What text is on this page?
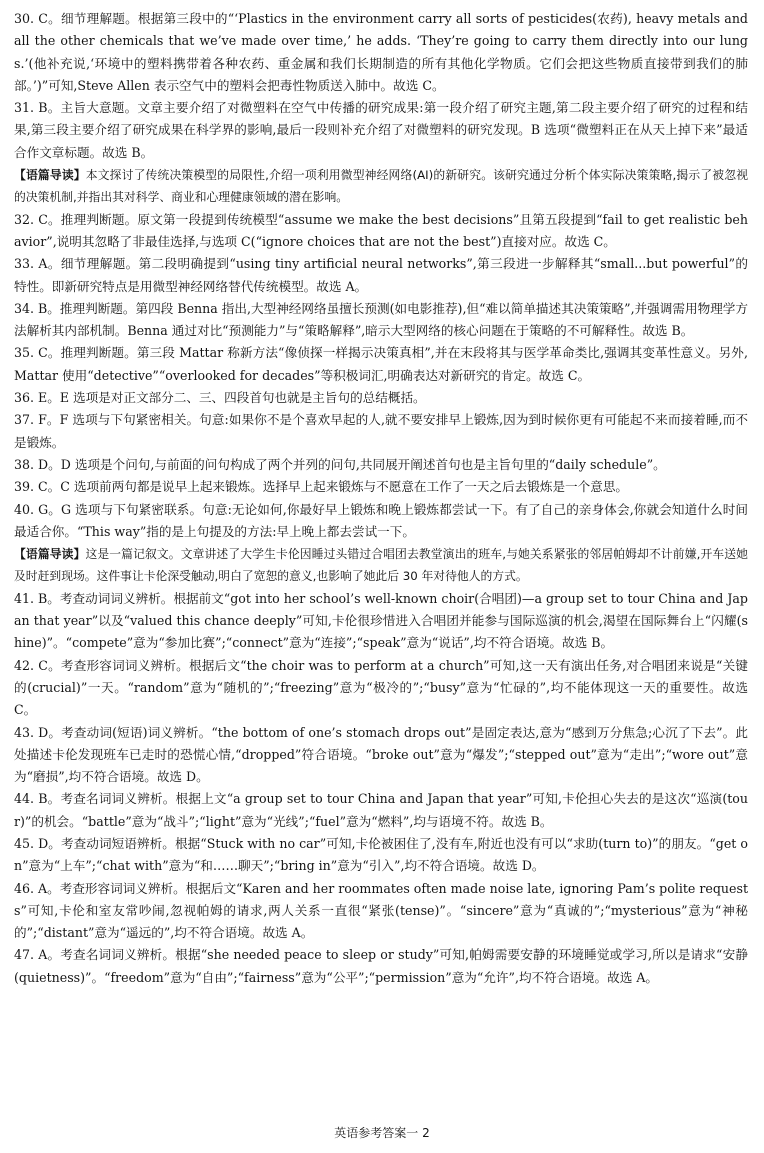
30. C。细节理解题。根据第三段中的“‘Plastics in the environment carry all sorts of pesticides(农药), heavy metals and all the other chemicals that we’ve made over time,’ he adds. ‘They’re going to carry them directly into our lungs.’(他补充说,‘环境中的塑料携带着各种农药、重金属和我们长期制造的所有其他化学物质。它们会把这些物质直接带到我们的肺部。’)”可知,Steve Allen 表示空气中的塑料会把毒性物质送入肺中。故选 C。

31. B。主旨大意题。文章主要介绍了对微塑料在空气中传播的研究成果:第一段介绍了研究主题,第二段主要介绍了研究的过程和结果,第三段主要介绍了研究成果在科学界的影响,最后一段则补充介绍了对微塑料的研究发现。B 选项“微塑料正在从天上掉下来”最适合作文章标题。故选 B。

【语篇导读】本文探讨了传统决策模型的局限性,介绍一项利用微型神经网络(AI)的新研究。该研究通过分析个体实际决策策略,揭示了被忽视的决策机制,并指出其对科学、商业和心理健康领域的潜在影响。

32. C。推理判断题。原文第一段提到传统模型“assume we make the best decisions”且第五段提到“fail to get realistic behavior”,说明其忽略了非最佳选择,与选项 C(“ignore choices that are not the best”)直接对应。故选 C。

33. A。细节理解题。第二段明确提到“using tiny artificial neural networks”,第三段进一步解释其“small...but powerful”的特性。即新研究特点是用微型神经网络替代传统模型。故选 A。

34. B。推理判断题。第四段 Benna 指出,大型神经网络虽擅长预测(如电影推荐),但“难以简单描述其决策策略”,并强调需用物理学方法解析其内部机制。Benna 通过对比“预测能力”与“策略解释”,暗示大型网络的核心问题在于策略的不可解释性。故选 B。

35. C。推理判断题。第三段 Mattar 称新方法“像侦探一样揭示决策真相”,并在末段将其与医学革命类比,强调其变革性意义。另外,Mattar 使用“detective”“overlooked for decades”等积极词汇,明确表达对新研究的肯定。故选 C。

36. E。E 选项是对正文部分二、三、四段首句也就是主旨句的总结概括。

37. F。F 选项与下句紧密相关。句意:如果你不是个喜欢早起的人,就不要安排早上锻炼,因为到时候你更有可能起不来而接着睡,而不是锻炼。

38. D。D 选项是个问句,与前面的问句构成了两个并列的问句,共同展开阐述首句也是主旨句里的“daily schedule”。

39. C。C 选项前两句都是说早上起来锻炼。选择早上起来锻炼与不愿意在工作了一天之后去锻炼是一个意思。

40. G。G 选项与下句紧密联系。句意:无论如何,你最好早上锻炼和晚上锻炼都尝试一下。有了自己的亲身体会,你就会知道什么时间最适合你。“This way”指的是上句提及的方法:早上晚上都去尝试一下。

【语篇导读】这是一篇记叙文。文章讲述了大学生卡伦因睡过头错过合唱团去教堂演出的班车,与她关系紧张的邻居帕姆却不计前嫌,开车送她及时赶到现场。这件事让卡伦深受触动,明白了宽恕的意义,也影响了她此后 30 年对待他人的方式。

41. B。考查动词词义辨析。根据前文“got into her school’s well-known choir(合唱团)—a group set to tour China and Japan that year”以及“valued this chance deeply”可知,卡伦很珍惜进入合唱团并能参与国际巡演的机会,渴望在国际舞台上“闪耀(shine)”。“compete”意为“参加比赛”;“connect”意为“连接”;“speak”意为“说话”,均不符合语境。故选 B。

42. C。考查形容词词义辨析。根据后文“the choir was to perform at a church”可知,这一天有演出任务,对合唱团来说是“关键的(crucial)”一天。“random”意为“随机的”;“freezing”意为“极冷的”;“busy”意为“忙碌的”,均不能体现这一天的重要性。故选 C。

43. D。考查动词(短语)词义辨析。“the bottom of one’s stomach drops out”是固定表达,意为“感到万分焦急;心沉了下去”。此处描述卡伦发现班车已走时的恐慌心情,“dropped”符合语境。“broke out”意为“爆发”;“stepped out”意为“走出”;“wore out”意为“磨损”,均不符合语境。故选 D。

44. B。考查名词词义辨析。根据上文“a group set to tour China and Japan that year”可知,卡伦担心失去的是这次“巡演(tour)”的机会。“battle”意为“战斗”;“light”意为“光线”;“fuel”意为“燃料”,均与语境不符。故选 B。

45. D。考查动词短语辨析。根据“Stuck with no car”可知,卡伦被困住了,没有车,附近也没有可以“求助(turn to)”的朋友。“get on”意为“上车”;“chat with”意为“和……聊天”;“bring in”意为“引入”,均不符合语境。故选 D。

46. A。考查形容词词义辨析。根据后文“Karen and her roommates often made noise late, ignoring Pam’s polite requests”可知,卡伦和室友常吵闹,忽视帕姆的请求,两人关系一直很“紧张(tense)”。“sincere”意为“真诚的”;“mysterious”意为“神秘的”;“distant”意为“遥远的”,均不符合语境。故选 A。

47. A。考查名词词义辨析。根据“she needed peace to sleep or study”可知,帕姆需要安静的环境睡觉或学习,所以是请求“安静(quietness)”。“freedom”意为“自由”;“fairness”意为“公平”;“permission”意为“允许”,均不符合语境。故选 A。

英语参考答案一 2
